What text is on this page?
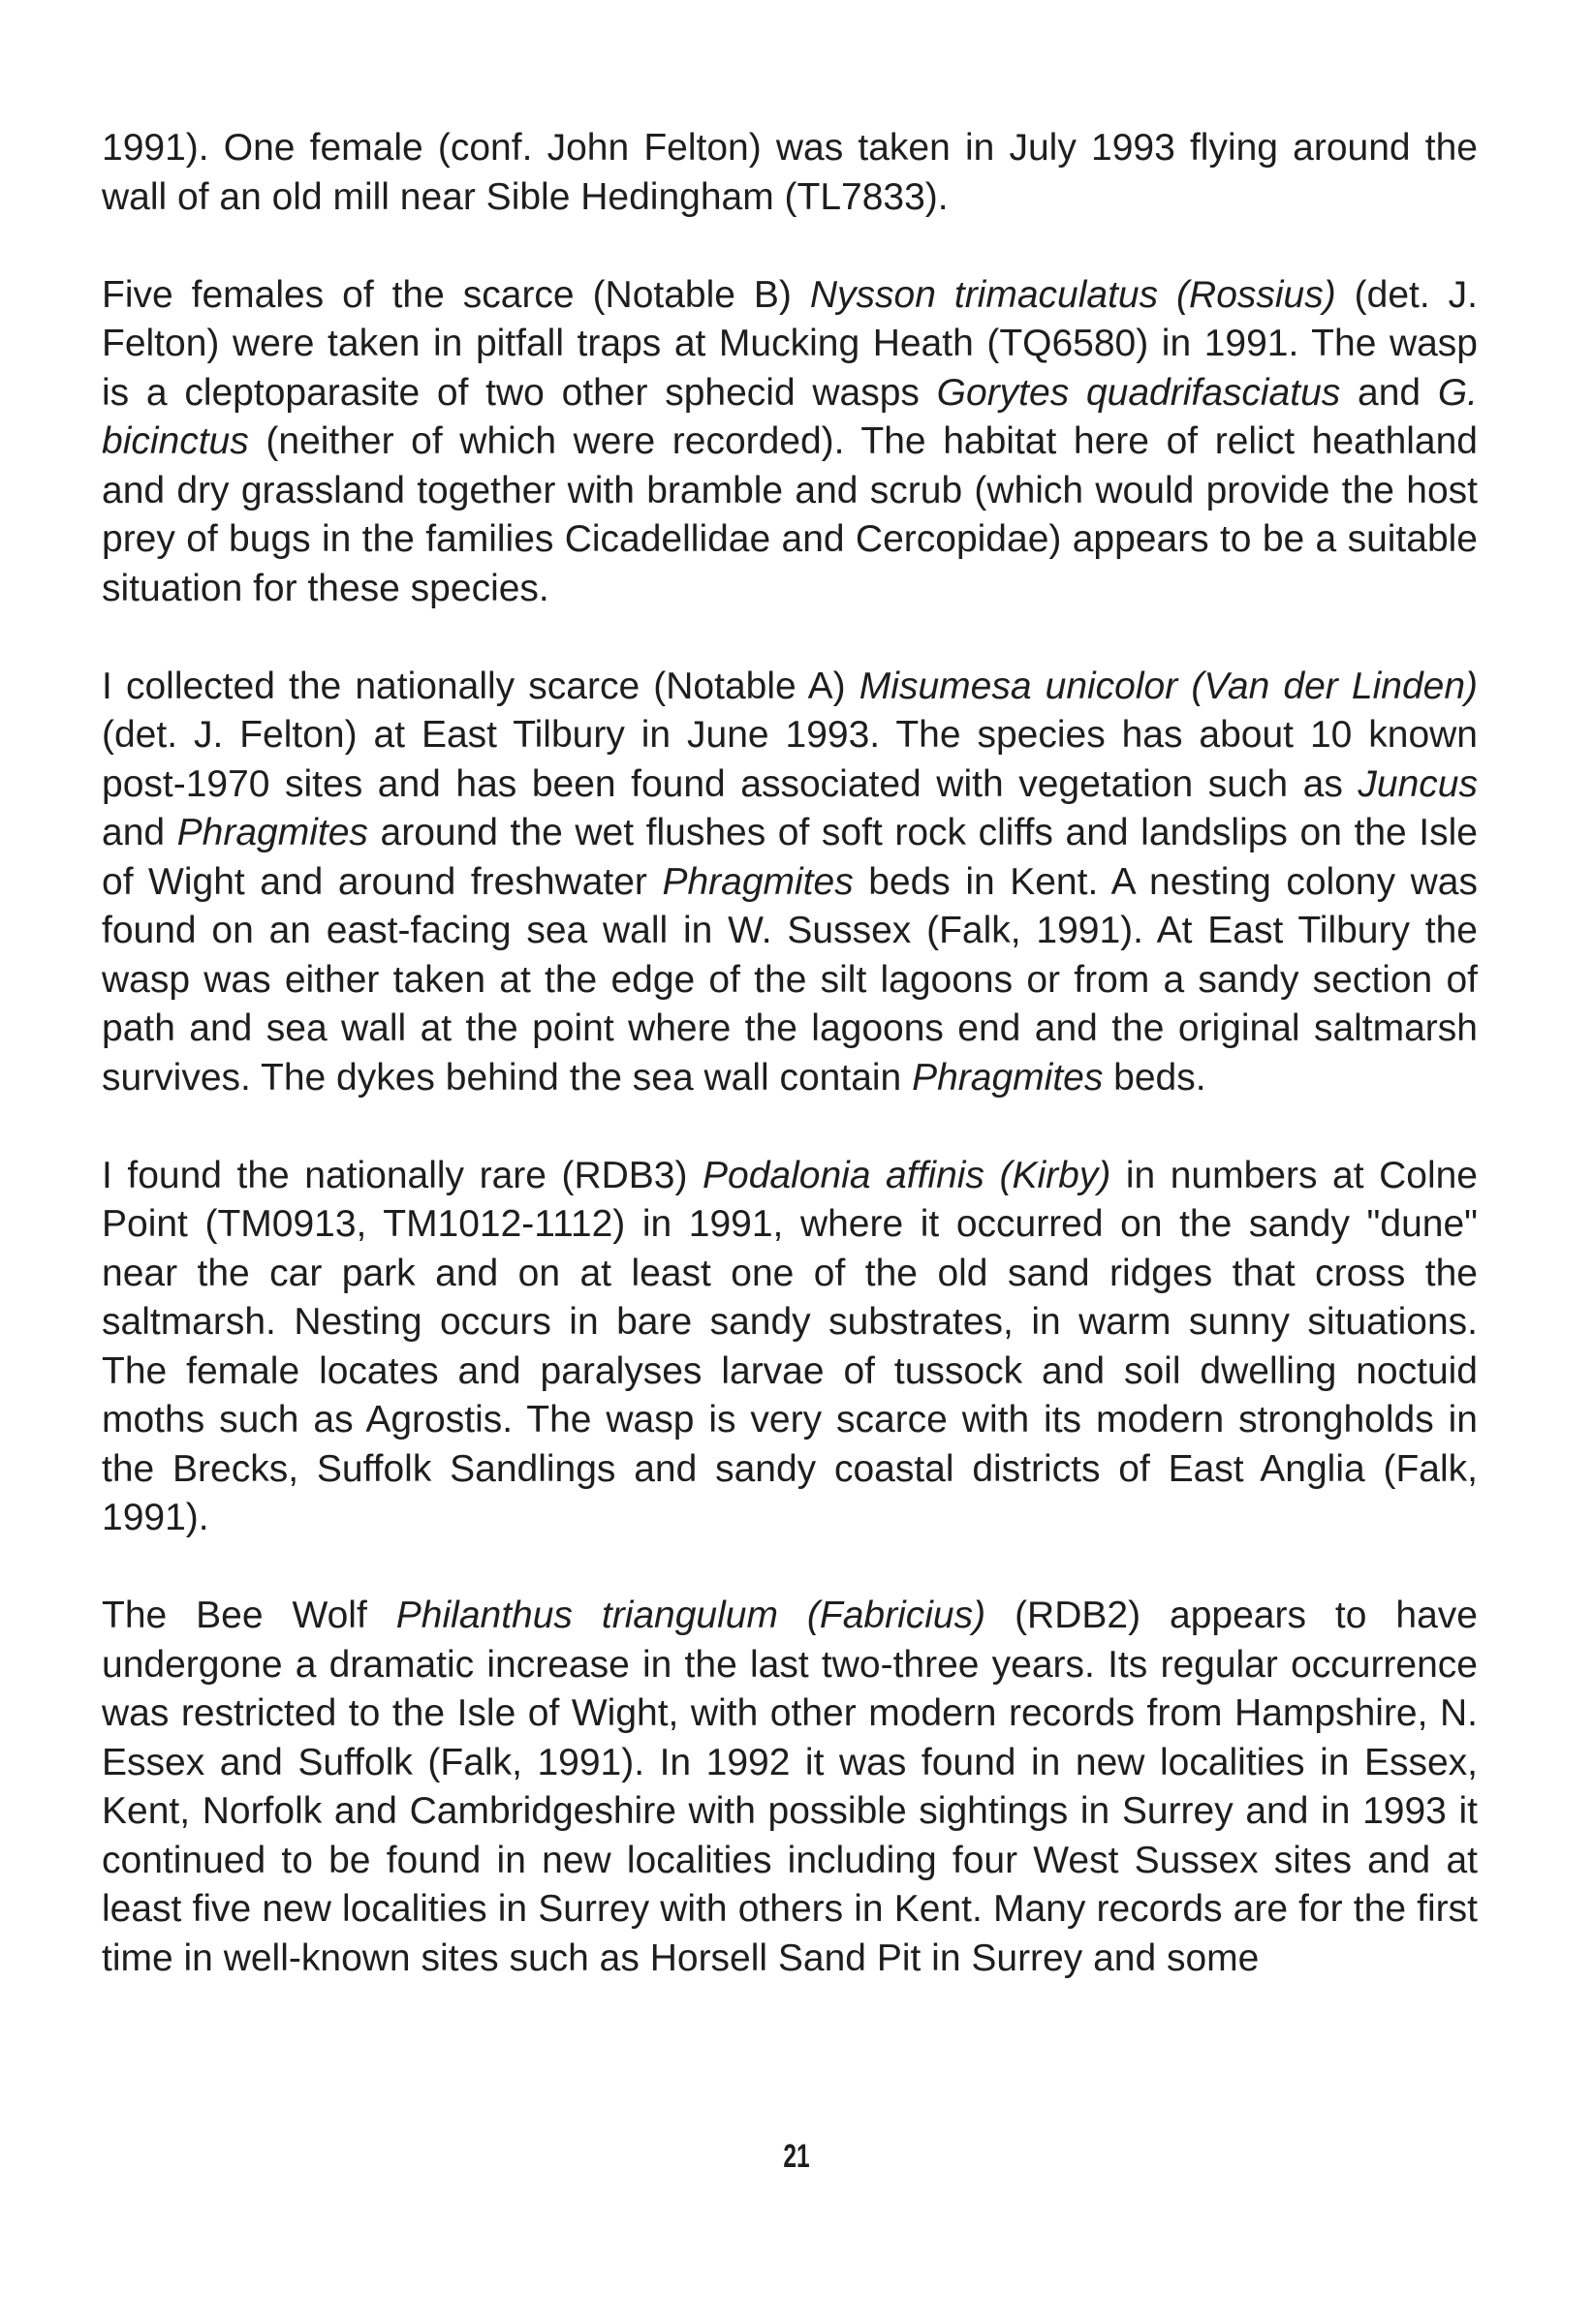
1991). One female (conf. John Felton) was taken in July 1993 flying around the wall of an old mill near Sible Hedingham (TL7833).

Five females of the scarce (Notable B) Nysson trimaculatus (Rossius) (det. J. Felton) were taken in pitfall traps at Mucking Heath (TQ6580) in 1991. The wasp is a cleptoparasite of two other sphecid wasps Gorytes quadrifasciatus and G. bicinctus (neither of which were recorded). The habitat here of relict heathland and dry grassland together with bramble and scrub (which would provide the host prey of bugs in the families Cicadellidae and Cercopidae) appears to be a suitable situation for these species.

I collected the nationally scarce (Notable A) Misumesa unicolor (Van der Linden) (det. J. Felton) at East Tilbury in June 1993. The species has about 10 known post-1970 sites and has been found associated with vegetation such as Juncus and Phragmites around the wet flushes of soft rock cliffs and landslips on the Isle of Wight and around freshwater Phragmites beds in Kent. A nesting colony was found on an east-facing sea wall in W. Sussex (Falk, 1991). At East Tilbury the wasp was either taken at the edge of the silt lagoons or from a sandy section of path and sea wall at the point where the lagoons end and the original saltmarsh survives. The dykes behind the sea wall contain Phragmites beds.

I found the nationally rare (RDB3) Podalonia affinis (Kirby) in numbers at Colne Point (TM0913, TM1012-1112) in 1991, where it occurred on the sandy "dune" near the car park and on at least one of the old sand ridges that cross the saltmarsh. Nesting occurs in bare sandy substrates, in warm sunny situations. The female locates and paralyses larvae of tussock and soil dwelling noctuid moths such as Agrostis. The wasp is very scarce with its modern strongholds in the Brecks, Suffolk Sandlings and sandy coastal districts of East Anglia (Falk, 1991).

The Bee Wolf Philanthus triangulum (Fabricius) (RDB2) appears to have undergone a dramatic increase in the last two-three years. Its regular occurrence was restricted to the Isle of Wight, with other modern records from Hampshire, N. Essex and Suffolk (Falk, 1991). In 1992 it was found in new localities in Essex, Kent, Norfolk and Cambridgeshire with possible sightings in Surrey and in 1993 it continued to be found in new localities including four West Sussex sites and at least five new localities in Surrey with others in Kent. Many records are for the first time in well-known sites such as Horsell Sand Pit in Surrey and some

21
